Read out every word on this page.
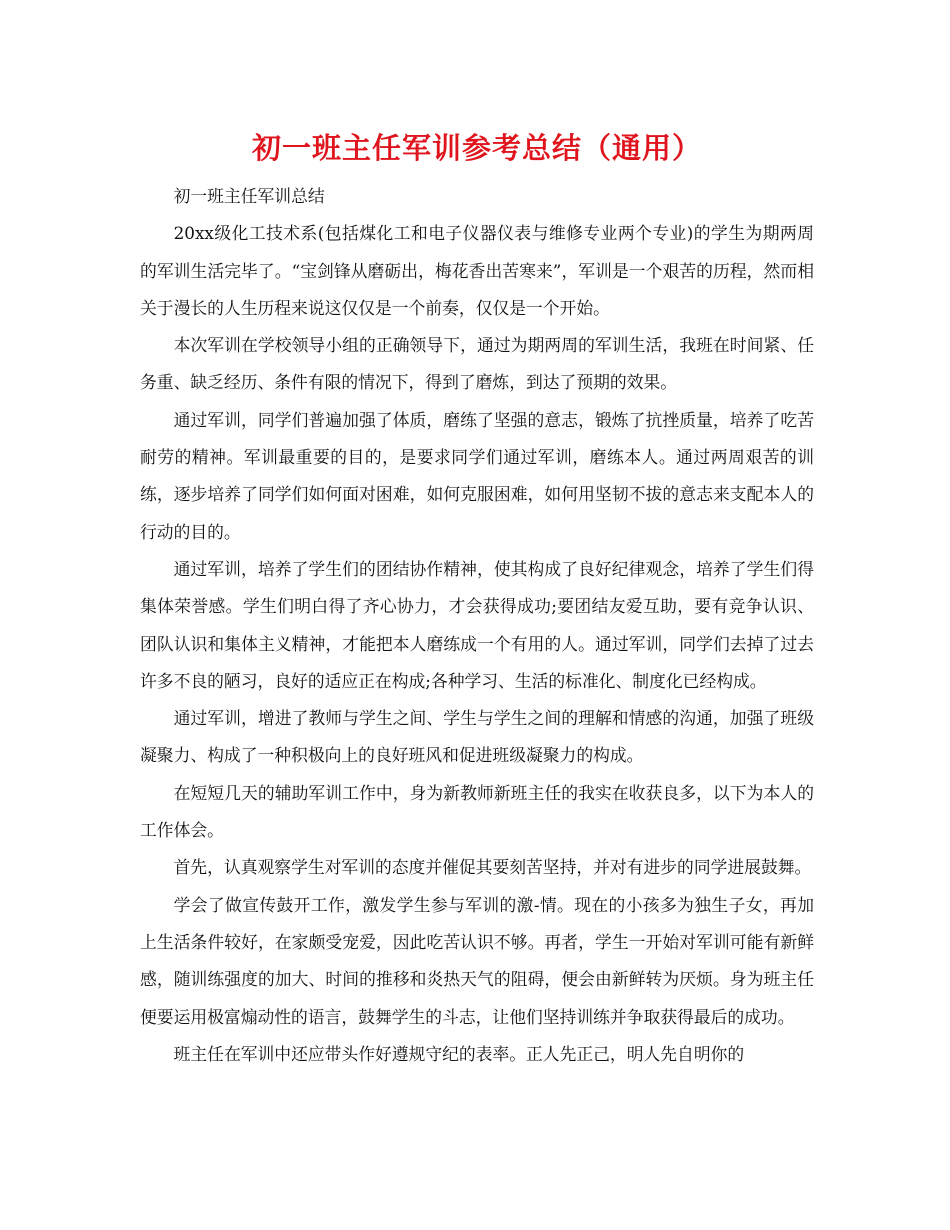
初一班主任军训参考总结（通用）

初一班主任军训总结

20xx级化工技术系(包括煤化工和电子仪器仪表与维修专业两个专业)的学生为期两周的军训生活完毕了。“宝剑锋从磨砺出，梅花香出苦寒来”，军训是一个艰苦的历程，然而相关于漫长的人生历程来说这仅仅是一个前奏，仅仅是一个开始。

本次军训在学校领导小组的正确领导下，通过为期两周的军训生活，我班在时间紧、任务重、缺乏经历、条件有限的情况下，得到了磨炼，到达了预期的效果。

通过军训，同学们普遍加强了体质，磨练了坚强的意志，锻炼了抗挫质量，培养了吃苦耐劳的精神。军训最重要的目的，是要求同学们通过军训，磨练本人。通过两周艰苦的训练，逐步培养了同学们如何面对困难，如何克服困难，如何用坚韧不拔的意志来支配本人的行动的目的。

通过军训，培养了学生们的团结协作精神，使其构成了良好纪律观念，培养了学生们得集体荣誉感。学生们明白得了齐心协力，才会获得成功;要团结友爱互助，要有竞争认识、团队认识和集体主义精神，才能把本人磨练成一个有用的人。通过军训，同学们去掉了过去许多不良的陋习，良好的适应正在构成;各种学习、生活的标准化、制度化已经构成。

通过军训，增进了教师与学生之间、学生与学生之间的理解和情感的沟通，加强了班级凝聚力、构成了一种积极向上的良好班风和促进班级凝聚力的构成。

在短短几天的辅助军训工作中，身为新教师新班主任的我实在收获良多，以下为本人的工作体会。

首先，认真观察学生对军训的态度并催促其要刻苦坚持，并对有进步的同学进展鼓舞。

学会了做宣传鼓开工作，激发学生参与军训的激-情。现在的小孩多为独生子女，再加上生活条件较好，在家颇受宠爱，因此吃苦认识不够。再者，学生一开始对军训可能有新鲜感，随训练强度的加大、时间的推移和炎热天气的阻碍，便会由新鲜转为厌烦。身为班主任便要运用极富煽动性的语言，鼓舞学生的斗志，让他们坚持训练并争取获得最后的成功。

班主任在军训中还应带头作好遵规守纪的表率。正人先正己，明人先自明你的
